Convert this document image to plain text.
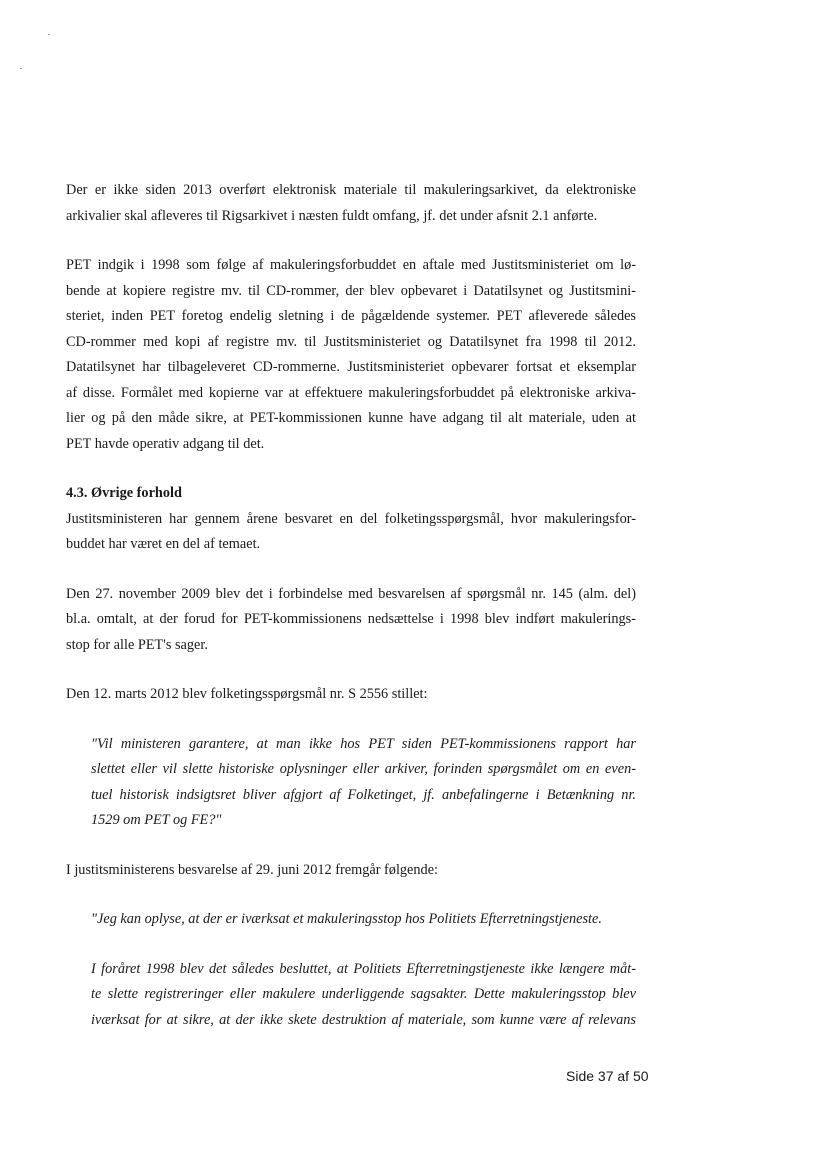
Der er ikke siden 2013 overført elektronisk materiale til makuleringsarkivet, da elektroniske
arkivalier skal afleveres til Rigsarkivet i næsten fuldt omfang, jf. det under afsnit 2.1 anførte.
PET indgik i 1998 som følge af makuleringsforbuddet en aftale med Justitsministeriet om lø-
bende at kopiere registre mv. til CD-rommer, der blev opbevaret i Datatilsynet og Justitsmini-
steriet, inden PET foretog endelig sletning i de pågældende systemer. PET afleverede således
CD-rommer med kopi af registre mv. til Justitsministeriet og Datatilsynet fra 1998 til 2012.
Datatilsynet har tilbageleveret CD-rommerne. Justitsministeriet opbevarer fortsat et eksemplar
af disse. Formålet med kopierne var at effektuere makuleringsforbuddet på elektroniske arkiva-
lier og på den måde sikre, at PET-kommissionen kunne have adgang til alt materiale, uden at
PET havde operativ adgang til det.
4.3. Øvrige forhold
Justitsministeren har gennem årene besvaret en del folketingsspørgsmål, hvor makuleringsfor-
buddet har været en del af temaet.
Den 27. november 2009 blev det i forbindelse med besvarelsen af spørgsmål nr. 145 (alm. del)
bl.a. omtalt, at der forud for PET-kommissionens nedsættelse i 1998 blev indført makulerings-
stop for alle PET's sager.
Den 12. marts 2012 blev folketingsspørgsmål nr. S 2556 stillet:
"Vil ministeren garantere, at man ikke hos PET siden PET-kommissionens rapport har
slettet eller vil slette historiske oplysninger eller arkiver, forinden spørgsmålet om en even-
tuel historisk indsigtsret bliver afgjort af Folketinget, jf. anbefalingerne i Betænkning nr.
1529 om PET og FE?"
I justitsministerens besvarelse af 29. juni 2012 fremgår følgende:
"Jeg kan oplyse, at der er iværksat et makuleringsstop hos Politiets Efterretningstjeneste.
I foråret 1998 blev det således besluttet, at Politiets Efterretningstjeneste ikke længere måt-
te slette registreringer eller makulere underliggende sagsakter. Dette makuleringsstop blev
iværksat for at sikre, at der ikke skete destruktion af materiale, som kunne være af relevans
Side 37 af 50
